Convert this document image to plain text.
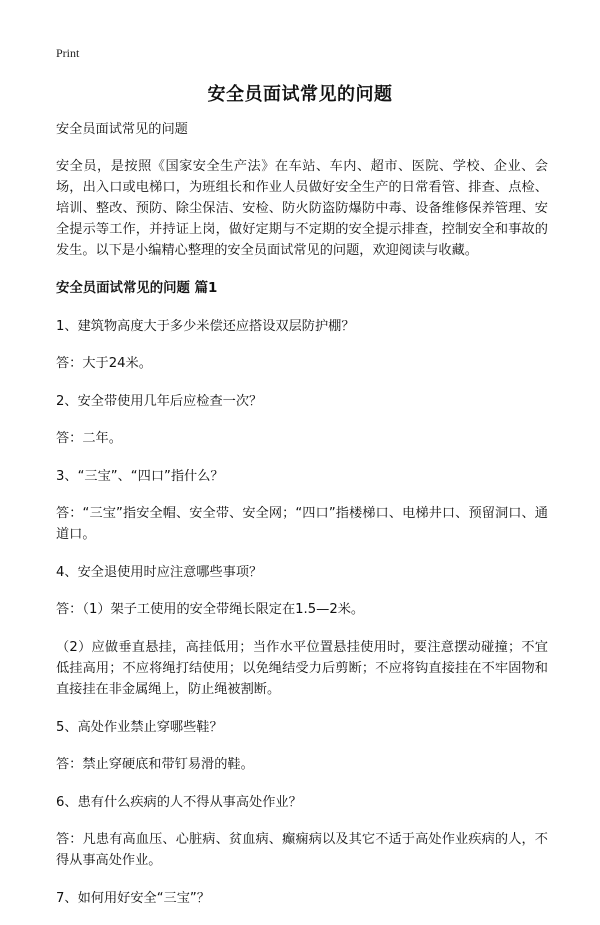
Print
安全员面试常见的问题

安全员面试常见的问题

安全员，是按照《国家安全生产法》在车站、车内、超市、医院、学校、企业、会场，出入口或电梯口，为班组长和作业人员做好安全生产的日常看管、排查、点检、培训、整改、预防、除尘保洁、安检、防火防盗防爆防中毒、设备维修保养管理、安全提示等工作，并持证上岗，做好定期与不定期的安全提示排查，控制安全和事故的发生。以下是小编精心整理的安全员面试常见的问题，欢迎阅读与收藏。

安全员面试常见的问题 篇1

1、建筑物高度大于多少米偿还应搭设双层防护棚？

答：大于24米。

2、安全带使用几年后应检查一次？

答：二年。

3、“三宝”、“四口”指什么？

答：“三宝”指安全帽、安全带、安全网；“四口”指楼梯口、电梯井口、预留洞口、通道口。

4、安全退使用时应注意哪些事项？

答：（1）架子工使用的安全带绳长限定在1.5—2米。

（2）应做垂直悬挂，高挂低用；当作水平位置悬挂使用时，要注意摆动碰撞；不宜低挂高用；不应将绳打结使用；以免绳结受力后剪断；不应将钩直接挂在不牢固物和直接挂在非金属绳上，防止绳被割断。

5、高处作业禁止穿哪些鞋？

答：禁止穿硬底和带钉易滑的鞋。

6、患有什么疾病的人不得从事高处作业？

答：凡患有高血压、心脏病、贫血病、癫痫病以及其它不适于高处作业疾病的人，不得从事高处作业。

7、如何用好安全“三宝”？
